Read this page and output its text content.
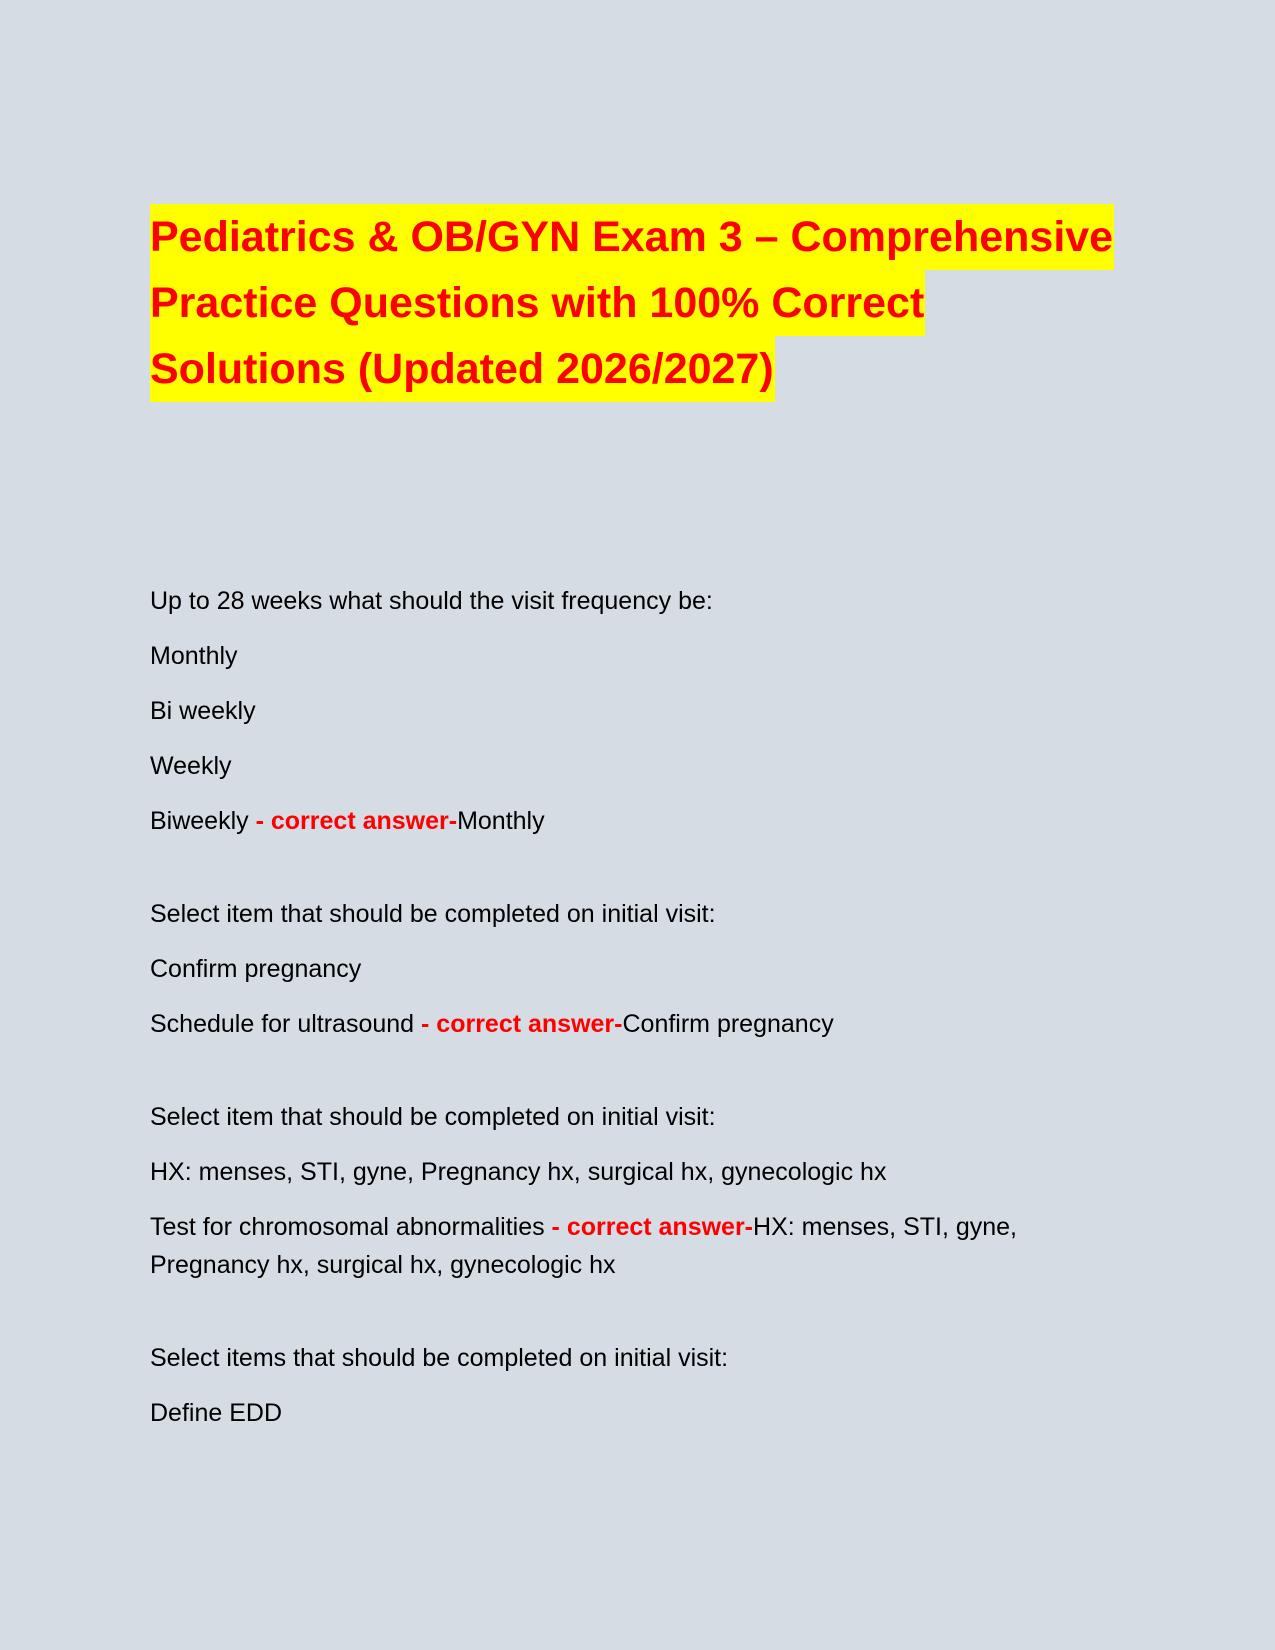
Pediatrics & OB/GYN Exam 3 – Comprehensive
Practice Questions with 100% Correct
Solutions (Updated 2026/2027)

Up to 28 weeks what should the visit frequency be:

Monthly

Bi weekly

Weekly

Biweekly - correct answer-Monthly

Select item that should be completed on initial visit:

Confirm pregnancy

Schedule for ultrasound - correct answer-Confirm pregnancy

Select item that should be completed on initial visit:

HX: menses, STI, gyne, Pregnancy hx, surgical hx, gynecologic hx

Test for chromosomal abnormalities - correct answer-HX: menses, STI, gyne, Pregnancy hx, surgical hx, gynecologic hx

Select items that should be completed on initial visit:

Define EDD
